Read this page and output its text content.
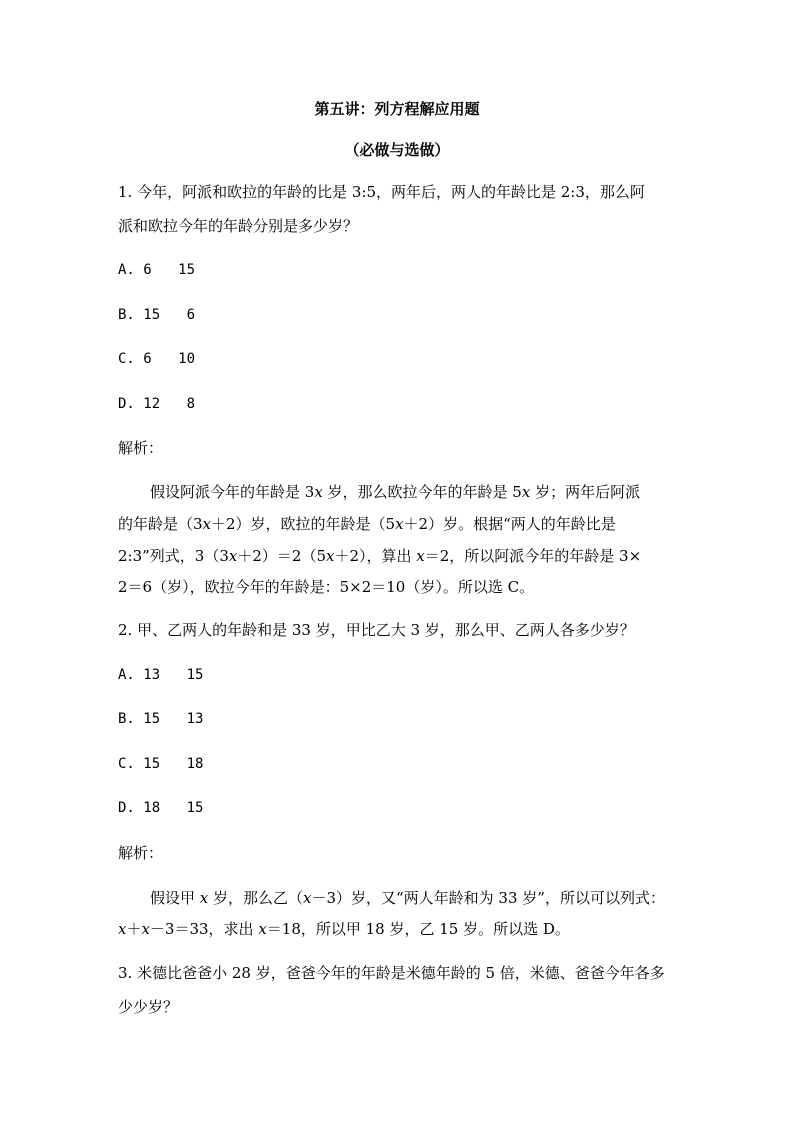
第五讲：列方程解应用题
（必做与选做）
1. 今年，阿派和欧拉的年龄的比是 3:5，两年后，两人的年龄比是 2:3，那么阿
派和欧拉今年的年龄分别是多少岁？
A. 6 15
B. 15 6
C. 6 10
D. 12 8
解析：
假设阿派今年的年龄是 3𝑥 岁，那么欧拉今年的年龄是 5𝑥 岁；两年后阿派
的年龄是（3𝑥＋2）岁，欧拉的年龄是（5𝑥＋2）岁。根据“两人的年龄比是
2:3”列式，3（3𝑥＋2）＝2（5𝑥＋2），算出 𝑥＝2，所以阿派今年的年龄是 3×
2＝6（岁），欧拉今年的年龄是：5×2＝10（岁）。所以选 C。
2. 甲、乙两人的年龄和是 33 岁，甲比乙大 3 岁，那么甲、乙两人各多少岁？
A. 13 15
B. 15 13
C. 15 18
D. 18 15
解析：
假设甲 𝑥 岁，那么乙（𝑥－3）岁，又“两人年龄和为 33 岁”，所以可以列式：
𝑥＋𝑥－3＝33，求出 𝑥＝18，所以甲 18 岁，乙 15 岁。所以选 D。
3. 米德比爸爸小 28 岁，爸爸今年的年龄是米德年龄的 5 倍，米德、爸爸今年各多
少少岁？
